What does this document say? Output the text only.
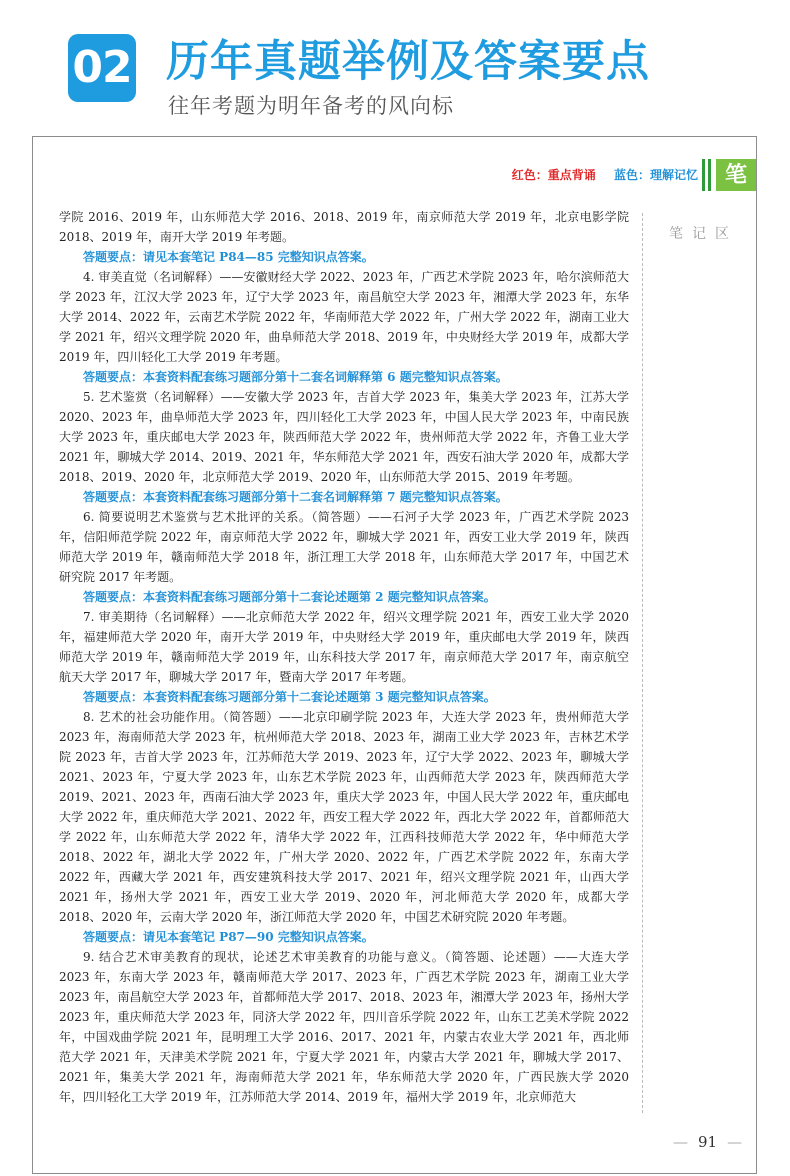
02 历年真题举例及答案要点
往年考题为明年备考的风向标
红色：重点背诵 蓝色：理解记忆	笔
笔记区

学院 2016、2019 年，山东师范大学 2016、2018、2019 年，南京师范大学 2019 年，北京电影学院 2018、2019 年，南开大学 2019 年考题。

答题要点：请见本套笔记 P84—85 完整知识点答案。

4. 审美直觉（名词解释）——安徽财经大学 2022、2023 年，广西艺术学院 2023 年，哈尔滨师范大学 2023 年，江汉大学 2023 年，辽宁大学 2023 年，南昌航空大学 2023 年，湘潭大学 2023 年，东华大学 2014、2022 年，云南艺术学院 2022 年，华南师范大学 2022 年，广州大学 2022 年，湖南工业大学 2021 年，绍兴文理学院 2020 年，曲阜师范大学 2018、2019 年，中央财经大学 2019 年，成都大学 2019 年，四川轻化工大学 2019 年考题。

答题要点：本套资料配套练习题部分第十二套名词解释第 6 题完整知识点答案。

5. 艺术鉴赏（名词解释）——安徽大学 2023 年，吉首大学 2023 年，集美大学 2023 年，江苏大学 2020、2023 年，曲阜师范大学 2023 年，四川轻化工大学 2023 年，中国人民大学 2023 年，中南民族大学 2023 年，重庆邮电大学 2023 年，陕西师范大学 2022 年，贵州师范大学 2022 年，齐鲁工业大学 2021 年，聊城大学 2014、2019、2021 年，华东师范大学 2021 年，西安石油大学 2020 年，成都大学 2018、2019、2020 年，北京师范大学 2019、2020 年，山东师范大学 2015、2019 年考题。

答题要点：本套资料配套练习题部分第十二套名词解释第 7 题完整知识点答案。

6. 简要说明艺术鉴赏与艺术批评的关系。（简答题）——石河子大学 2023 年，广西艺术学院 2023 年，信阳师范学院 2022 年，南京师范大学 2022 年，聊城大学 2021 年，西安工业大学 2019 年，陕西师范大学 2019 年，赣南师范大学 2018 年，浙江理工大学 2018 年，山东师范大学 2017 年，中国艺术研究院 2017 年考题。

答题要点：本套资料配套练习题部分第十二套论述题第 2 题完整知识点答案。

7. 审美期待（名词解释）——北京师范大学 2022 年，绍兴文理学院 2021 年，西安工业大学 2020 年，福建师范大学 2020 年，南开大学 2019 年，中央财经大学 2019 年，重庆邮电大学 2019 年，陕西师范大学 2019 年，赣南师范大学 2019 年，山东科技大学 2017 年，南京师范大学 2017 年，南京航空航天大学 2017 年，聊城大学 2017 年，暨南大学 2017 年考题。

答题要点：本套资料配套练习题部分第十二套论述题第 3 题完整知识点答案。

8. 艺术的社会功能作用。（简答题）——北京印刷学院 2023 年，大连大学 2023 年，贵州师范大学 2023 年，海南师范大学 2023 年，杭州师范大学 2018、2023 年，湖南工业大学 2023 年，吉林艺术学院 2023 年，吉首大学 2023 年，江苏师范大学 2019、2023 年，辽宁大学 2022、2023 年，聊城大学 2021、2023 年，宁夏大学 2023 年，山东艺术学院 2023 年，山西师范大学 2023 年，陕西师范大学 2019、2021、2023 年，西南石油大学 2023 年，重庆大学 2023 年，中国人民大学 2022 年，重庆邮电大学 2022 年，重庆师范大学 2021、2022 年，西安工程大学 2022 年，西北大学 2022 年，首都师范大学 2022 年，山东师范大学 2022 年，清华大学 2022 年，江西科技师范大学 2022 年，华中师范大学 2018、2022 年，湖北大学 2022 年，广州大学 2020、2022 年，广西艺术学院 2022 年，东南大学 2022 年，西藏大学 2021 年，西安建筑科技大学 2017、2021 年，绍兴文理学院 2021 年，山西大学 2021 年，扬州大学 2021 年，西安工业大学 2019、2020 年，河北师范大学 2020 年，成都大学 2018、2020 年，云南大学 2020 年，浙江师范大学 2020 年，中国艺术研究院 2020 年考题。

答题要点：请见本套笔记 P87—90 完整知识点答案。

9. 结合艺术审美教育的现状，论述艺术审美教育的功能与意义。（简答题、论述题）——大连大学 2023 年，东南大学 2023 年，赣南师范大学 2017、2023 年，广西艺术学院 2023 年，湖南工业大学 2023 年，南昌航空大学 2023 年，首都师范大学 2017、2018、2023 年，湘潭大学 2023 年，扬州大学 2023 年，重庆师范大学 2023 年，同济大学 2022 年，四川音乐学院 2022 年，山东工艺美术学院 2022 年，中国戏曲学院 2021 年，昆明理工大学 2016、2017、2021 年，内蒙古农业大学 2021 年，西北师范大学 2021 年，天津美术学院 2021 年，宁夏大学 2021 年，内蒙古大学 2021 年，聊城大学 2017、2021 年，集美大学 2021 年，海南师范大学 2021 年，华东师范大学 2020 年，广西民族大学 2020 年，四川轻化工大学 2019 年，江苏师范大学 2014、2019 年，福州大学 2019 年，北京师范大

— 91 —
